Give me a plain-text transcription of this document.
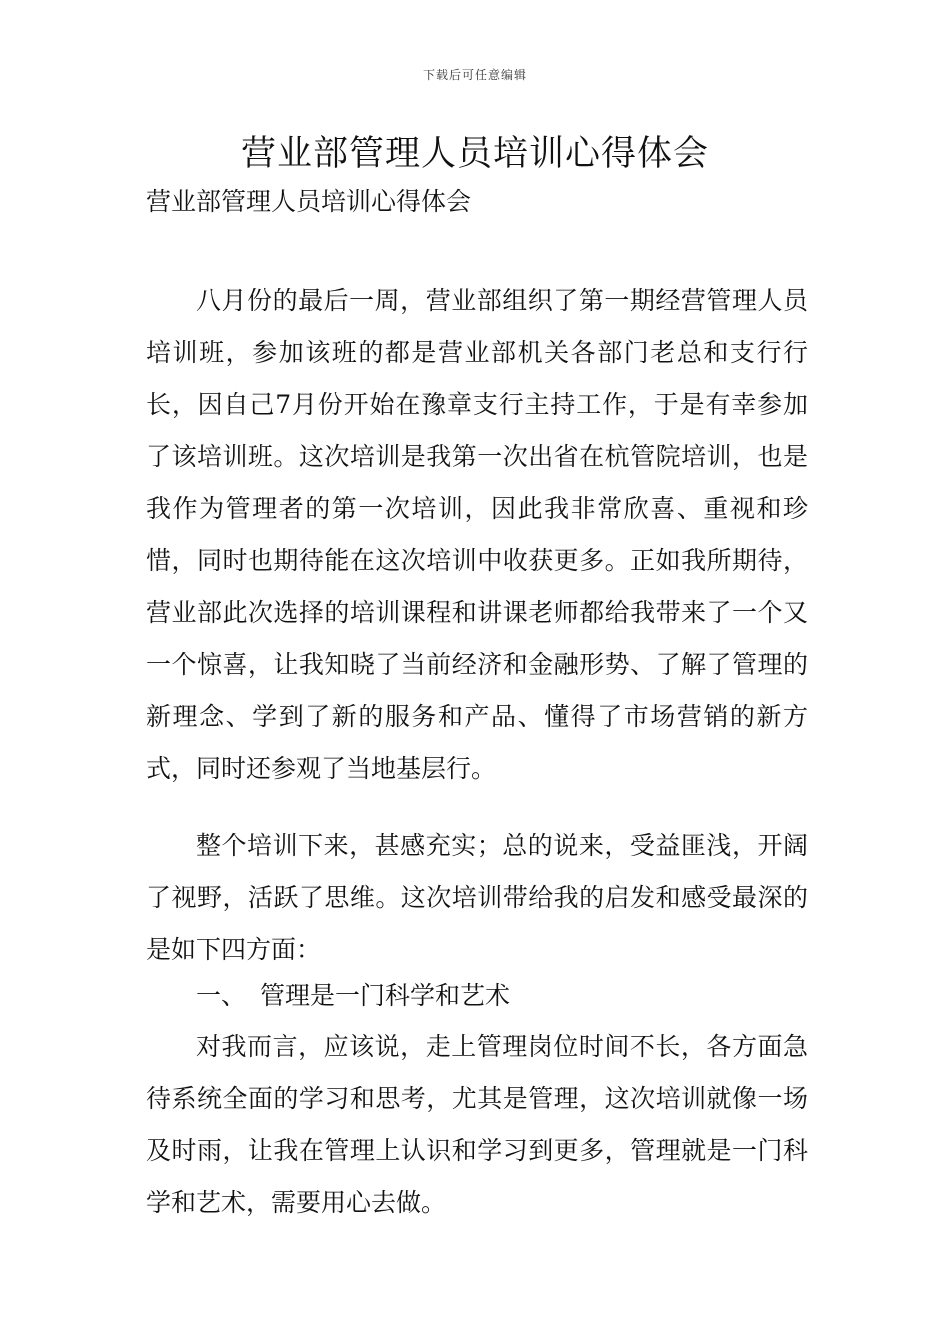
下载后可任意编辑
营业部管理人员培训心得体会

营业部管理人员培训心得体会

八月份的最后一周，营业部组织了第一期经营管理人员培训班，参加该班的都是营业部机关各部门老总和支行行长，因自己7月份开始在豫章支行主持工作，于是有幸参加了该培训班。这次培训是我第一次出省在杭管院培训，也是我作为管理者的第一次培训，因此我非常欣喜、重视和珍惜，同时也期待能在这次培训中收获更多。正如我所期待，营业部此次选择的培训课程和讲课老师都给我带来了一个又一个惊喜，让我知晓了当前经济和金融形势、了解了管理的新理念、学到了新的服务和产品、懂得了市场营销的新方式，同时还参观了当地基层行。

整个培训下来，甚感充实；总的说来，受益匪浅，开阔了视野，活跃了思维。这次培训带给我的启发和感受最深的是如下四方面：

一、 管理是一门科学和艺术

对我而言，应该说，走上管理岗位时间不长，各方面急待系统全面的学习和思考，尤其是管理，这次培训就像一场及时雨，让我在管理上认识和学习到更多，管理就是一门科学和艺术，需要用心去做。
